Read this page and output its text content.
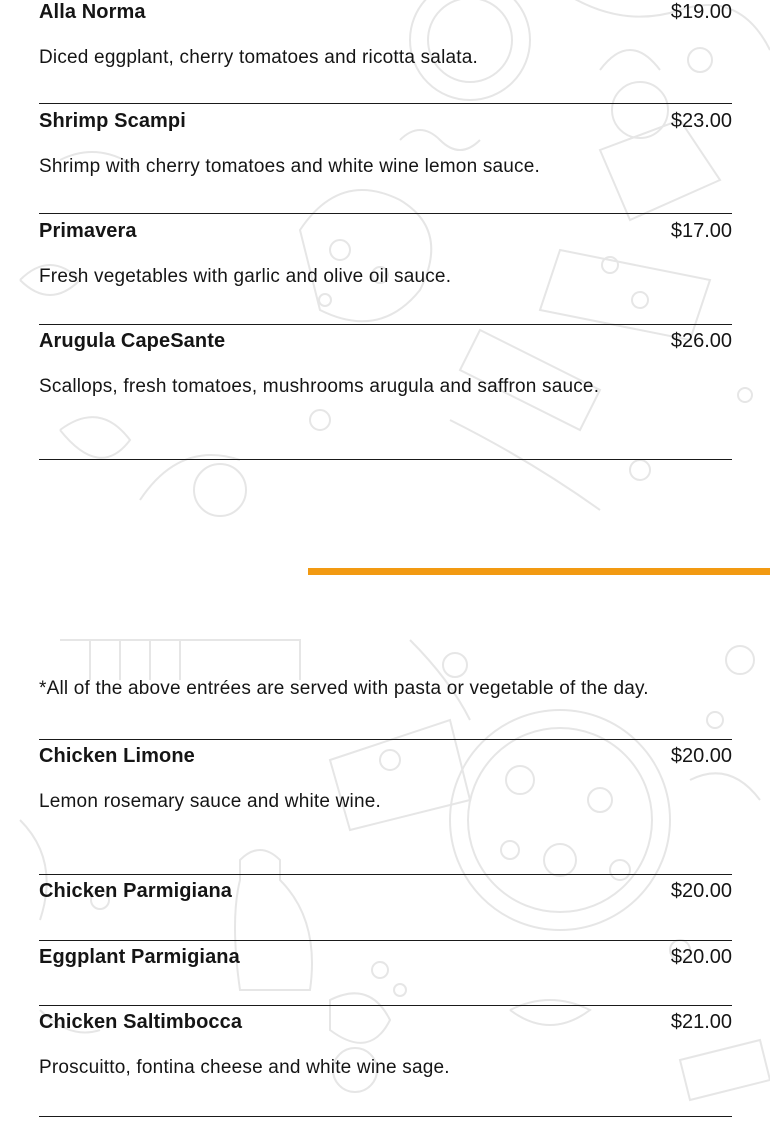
Alla Norma	$19.00
Diced eggplant, cherry tomatoes and ricotta salata.
Shrimp Scampi	$23.00
Shrimp with cherry tomatoes and white wine lemon sauce.
Primavera	$17.00
Fresh vegetables with garlic and olive oil sauce.
Arugula CapeSante	$26.00
Scallops, fresh tomatoes, mushrooms arugula and saffron sauce.
*All of the above entrées are served with pasta or vegetable of the day.
Chicken Limone	$20.00
Lemon rosemary sauce and white wine.
Chicken Parmigiana	$20.00
Eggplant Parmigiana	$20.00
Chicken Saltimbocca	$21.00
Proscuitto, fontina cheese and white wine sage.
